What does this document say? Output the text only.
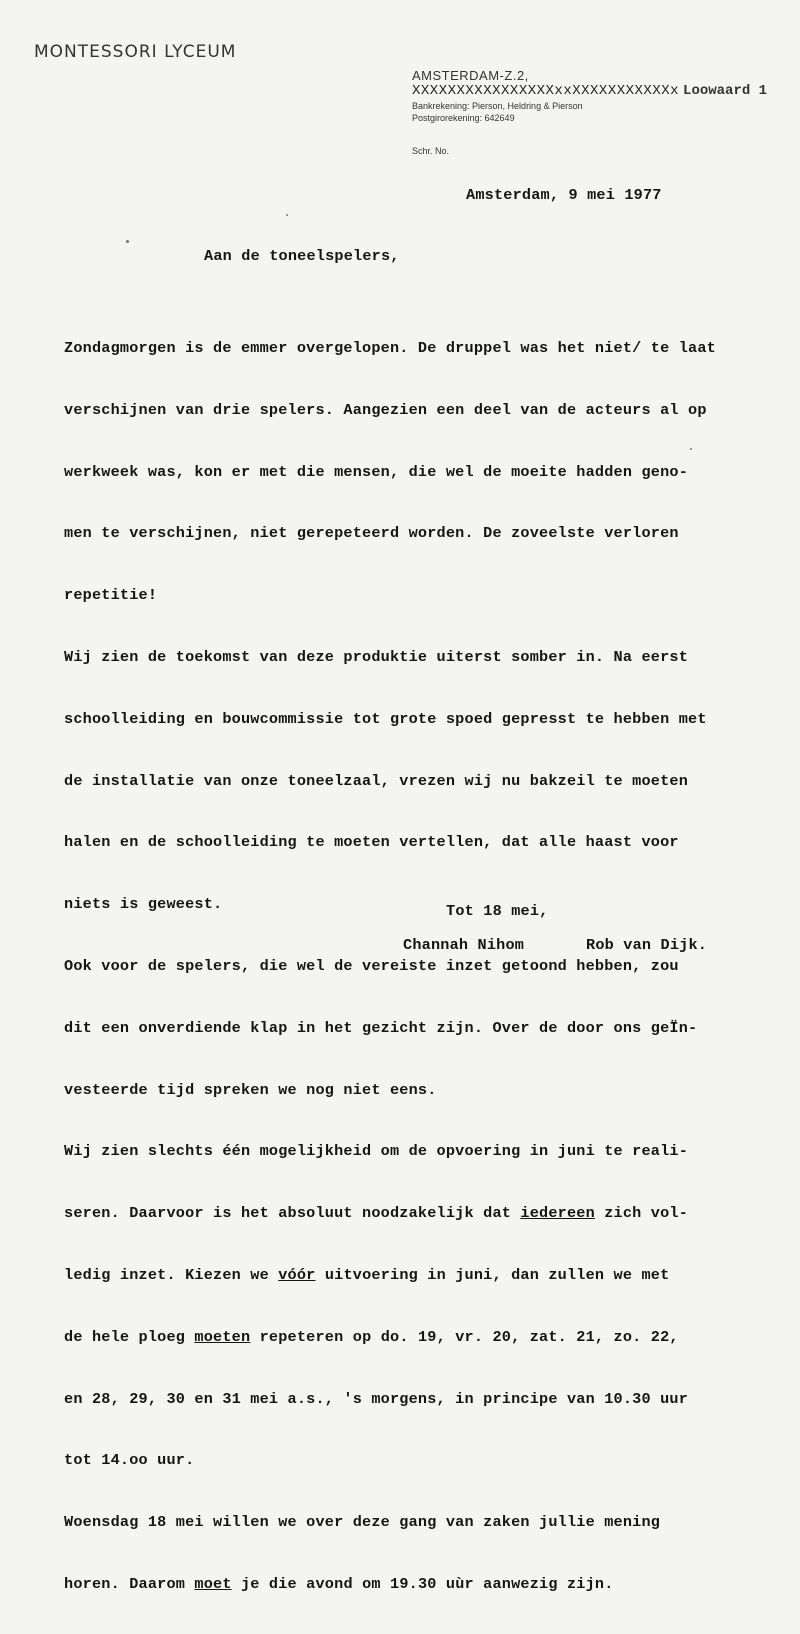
MONTESSORI LYCEUM
AMSTERDAM-Z.2,
XXXXXXXXXXXXXXXXxxXXXXXXXXXXXx Loowaard 1
Bankrekening: Pierson, Heldring & Pierson
Postgirorekening: 642649
Schr. No.
Amsterdam, 9 mei 1977
Aan de toneelspelers,

Zondagmorgen is de emmer overgelopen. De druppel was het niet/ te laat

verschijnen van drie spelers. Aangezien een deel van de acteurs al op

werkweek was, kon er met die mensen, die wel de moeite hadden geno-

men te verschijnen, niet gerepeteerd worden. De zoveelste verloren

repetitie!

Wij zien de toekomst van deze produktie uiterst somber in. Na eerst

schoolleiding en bouwcommissie tot grote spoed gepresst te hebben met

de installatie van onze toneelzaal, vrezen wij nu bakzeil te moeten

halen en de schoolleiding te moeten vertellen, dat alle haast voor

niets is geweest.

Ook voor de spelers, die wel de vereiste inzet getoond hebben, zou

dit een onverdiende klap in het gezicht zijn. Over de door ons geÏn-

vesteerde tijd spreken we nog niet eens.

Wij zien slechts één mogelijkheid om de opvoering in juni te reali-

seren. Daarvoor is het absoluut noodzakelijk dat iedereen zich vol-

ledig inzet. Kiezen we vóór uitvoering in juni, dan zullen we met

de hele ploeg moeten repeteren op do. 19, vr. 20, zat. 21, zo. 22,

en 28, 29, 30 en 31 mei a.s., 's morgens, in principe van 10.30 uur

tot 14.oo uur.

Woensdag 18 mei willen we over deze gang van zaken jullie mening

horen. Daarom moet je die avond om 19.30 uùr aanwezig zijn.

Tot 18 mei,
Channah Nihom	Rob van Dijk.
